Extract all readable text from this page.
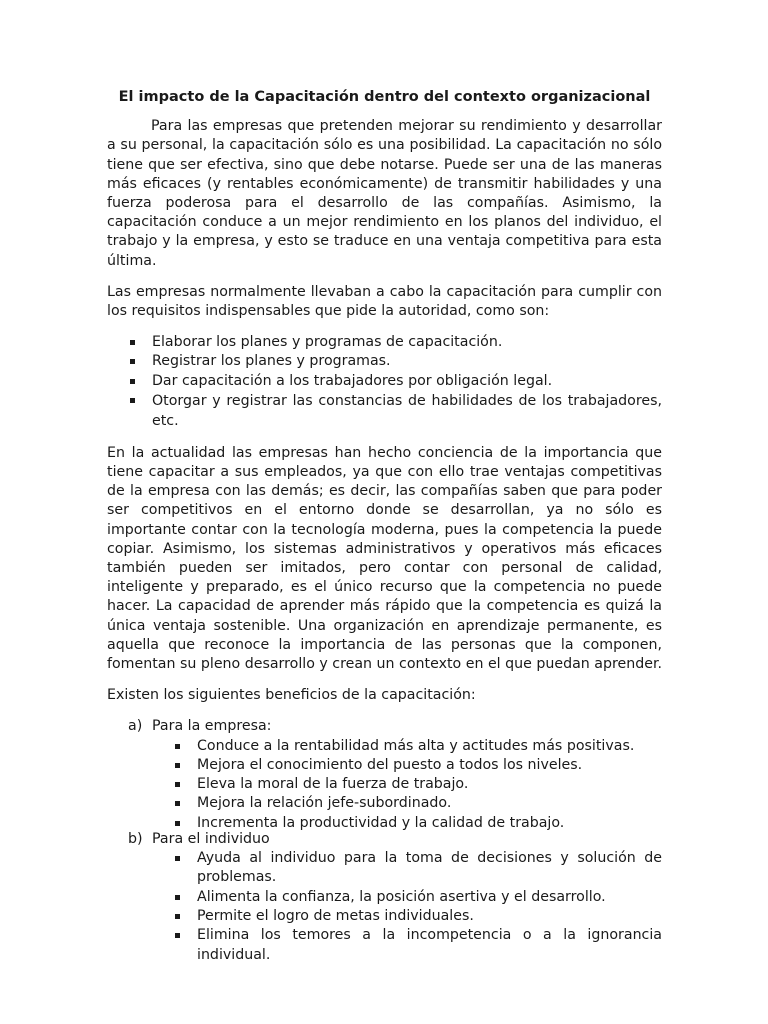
El impacto de la Capacitación dentro del contexto organizacional

Para las empresas que pretenden mejorar su rendimiento y desarrollar a su personal, la capacitación sólo es una posibilidad. La capacitación no sólo tiene que ser efectiva, sino que debe notarse. Puede ser una de las maneras más eficaces (y rentables económicamente) de transmitir habilidades y una fuerza poderosa para el desarrollo de las compañías. Asimismo, la capacitación conduce a un mejor rendimiento en los planos del individuo, el trabajo y la empresa, y esto se traduce en una ventaja competitiva para esta última.

Las empresas normalmente llevaban a cabo la capacitación para cumplir con los requisitos indispensables que pide la autoridad, como son:

Elaborar los planes y programas de capacitación.
Registrar los planes y programas.
Dar capacitación a los trabajadores por obligación legal.
Otorgar y registrar las constancias de habilidades de los trabajadores, etc.

En la actualidad las empresas han hecho conciencia de la importancia que tiene capacitar a sus empleados, ya que con ello trae ventajas competitivas de la empresa con las demás; es decir, las compañías saben que para poder ser competitivos en el entorno donde se desarrollan, ya no sólo es importante contar con la tecnología moderna, pues la competencia la puede copiar. Asimismo, los sistemas administrativos y operativos más eficaces también pueden ser imitados, pero contar con personal de calidad, inteligente y preparado, es el único recurso que la competencia no puede hacer. La capacidad de aprender más rápido que la competencia es quizá la única ventaja sostenible. Una organización en aprendizaje permanente, es aquella que reconoce la importancia de las personas que la componen, fomentan su pleno desarrollo y crean un contexto en el que puedan aprender.

Existen los siguientes beneficios de la capacitación:

a) Para la empresa:
Conduce a la rentabilidad más alta y actitudes más positivas.
Mejora el conocimiento del puesto a todos los niveles.
Eleva la moral de la fuerza de trabajo.
Mejora la relación jefe-subordinado.
Incrementa la productividad y la calidad de trabajo.
b) Para el individuo
Ayuda al individuo para la toma de decisiones y solución de problemas.
Alimenta la confianza, la posición asertiva y el desarrollo.
Permite el logro de metas individuales.
Elimina los temores a la incompetencia o a la ignorancia individual.
